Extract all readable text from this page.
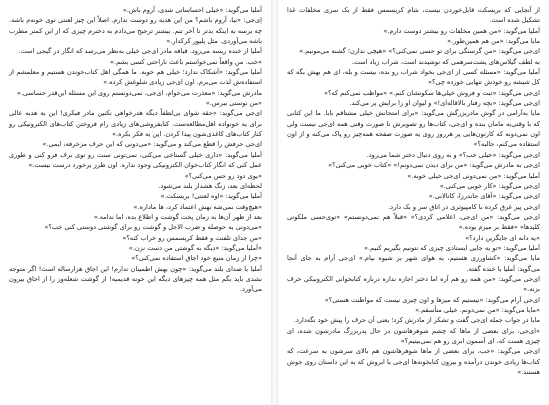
آملیا می‌گوید: «خیلی احساساتی شدی، آروم باش.»

اِی‌جی: «بیا، آروم باشم؟ من این هدیه رو دوست ندارم. اصلاً این چیز لعنتی توی خونه‌م باشه. چه برسه به اینکه بدتر تا آخر تنم. بیشتر ترجیح می‌دادم به دخترم چیزی که از این کمتر مطرب باشه می‌آوردی. مثل پلیور کرکدار.»

آملیا از خنده ریسه می‌رود. قیافه مادر ای‌جی خیلی به‌نظر می‌رسد که انگار در گیجی است.

«خب. من واقعاً نمی‌خواستم باعث ناراحتی کسی بشم.»

آملیا می‌گوید: «آشکاک ندارد؛ خیلی هم خوبه. ما همگی اهل کتاب‌خوندن هستیم و معلمشم از استفاده‌ش لذت می‌برم. اون ای‌جی زیادی شلوغش کرده.»

مادرش می‌گوید: «معذرت می‌خوام، ای‌جی، نمی‌دونستم روی این مسئله این‌قدر حساسی.»

«من نوستی بیرس.»

ای‌جی می‌گوید: «حقه شوای بی‌لطفاً دیگه هدرخواهی نکنین مادر فیکری! این به هدیه عالی برای یه خونواده اهل‌مطالعه‌ست. کتابفروشی‌های زیادی رام فروختن کتاب‌های الکترونیکی رو کنار کتاب‌های کاغذی‌شون پیدا کردن. این یه فکر بکره.»

ای‌جی حرفش را قطع می‌کند و می‌گوید: «می‌دونی که این حرف مزخرفه، ایمی.»

آملیا می‌گوید: «داری خیلی گستاخی می‌کنی، نمی‌تونی سنت رو توی برف فرو کنی و طوری عمل کنی که انگار کتاب‌خوان الکترونیکی وجود نداره. اون طرز برخورد درست نیست.»

«یوی دود رو حس می‌کنی؟»

لحظه‌ای بعد، زنگ هشدار بلند می‌شود.

آملیا می‌گوید: «اوه لعنتی! بریسکت.»

«هیچ‌وقت نمی‌شه بهش اعتماد کرد، ها ماداره.»

بعد از ظهر آن‌ها به زمان پخت گوشت و اطلاع بده، اما ندامه.»

«می‌دونی یه حوصله و ضرب الاجل و گوشت رو برای گوشتی دوستی کنی خب؟»

«من جدای تلفنت و فقط کریسمس رو خراب کنه؟»

«آملیا می‌گوید: «دیگه به گوشتی من دست نزن.»

«چرا از زمان منبع خود اجاق استفاده نمی‌کنی؟»

آملیا با صدای بلند می‌گوید: «چون بهش اطمینان ندارم! این اجاق هزارساله است! اگر متوجه نشدی باید بگم مثل همه چیزهای دیگه این خونه قدیمیه! از گوشت شعله‌ور را از اجاق بیرون می‌آورد.

از آنجایی که بریسکت قابل‌خوردن نیست، شام کریسمس فقط از یک سری مخلفات غذا تشکیل شده است.

آملیا می‌گوید: «من همین مخلفات رو بیشتر دوست دارم.»

مایا می‌گوید: «من هم همین‌طور.»

ای‌جی می‌گوید: «من گرسنگی برای تو حسی نمی‌کنی؟» «هیچی ندارن؛ گشنه می‌مونیم.»

به لطف گیلاس‌های پشت‌سرهمی که نوشیدند است، شراب زیاد است.

آملیا می‌گوید: «مسئله کسی از ای‌جی بخواد شراب رو بده، بیست و بله، ای هم بهش بگه که کل شیشه رو خودش تنهایی خورده چی؟»

ای‌جی می‌گوید: «ثبت و فروش خیلی‌ها سکوتشان کنم.» «مواظب نمی‌کنم که؟»

ای‌جی می‌گوید: «بچه رفتار بالاقاله‌ای!» و لیوان او را برایش پر می‌کند.

مایا به‌آرامی در گوش مادربزرگش می‌گوید: «برای امتحانش خیلی مشتاقم بابا. ما این کتابی که با وقتی‌به مامان بنده و ای‌جی، کتاب‌ها رو تصویرش تا صورت وقتی همه ای‌جی نیست ولی اون نمی‌دونه که کارتون‌هایی پر هرروز روی یه صورت صفحه همه‌چیز رو پاک می‌کنه و از اون استفاده می‌کنم، جالبه؟»

ای‌جی می‌گوید: «خیلی خب؟» و به روی دنبال دختر شما می‌رود.

ای‌جی به مادرش می‌گوید: «من برای دیدن نمی‌دونم!» «کتاب خوبی می‌کنی؟»

آملیا می‌گوید: «من نمی‌دونی ای‌جی خیلی خوبه.»

ای‌جی می‌گوید: «کار خوبی می‌کنی.»

ای‌جی می‌گوید: «آقای جاندرزا، کاتالانی.»

ای‌جی پیر غرق کرده با کامپیوتری در اتاق سر و بک دارد.

ای‌جی می‌گوید: «من ای‌جی، اعلامی کردی؟» «قبلاً هم نمی‌دونستم» «توی‌حسی ملکوتی کلیدها» «فقط بر میزم بوده.»

«یه دانه ای جایگزین دارد؟»

آملیا می‌گوید: «تو یه جایی ایستادی چیزی که نتونیم بگیریم کنیم.»

مایا می‌گوید: «کشاورزی هستیم، به هوای شهر بر شیوه بیام.» ای‌جی آرام به جای آنجا می‌گوید: آملیا با خنده گفته.

ای‌جی می‌گوید: «من همه رو هم آره اما دختر اجازه نداره درباره کتابخوانی الکترونیکی حرف بزنه.»

ای‌جی آرام می‌گوید: «نیستیم که میزها و اون چیزی نیست که مواظبت هستی؟»

«مایا می‌گوید: «من نمی‌دونم. خیلی متأسفم.»

مایا در جواب جمله ای‌جی گفت و تشکر از مادرش کرد؛ یعنی آن حرف را پیش خود نگه‌دارد.

«ای‌جی، برای بعضی از ماها که چشم شوهرهاشون در حال پدربزرگ مادرشون شده، ای چیزی هست که، ای آسمون ابری رو هم نمی‌بینیم؟»

ای‌جی می‌گوید: «خب، برای بعضی از ماها شوهرهاشون هم بالای سرشون به سرعت، که کتاب‌ها زیادی خوندن درآمده و بیرون کتابخونه‌ها ای‌جی با ابروش که به این داستان روی جوش هستند.»
